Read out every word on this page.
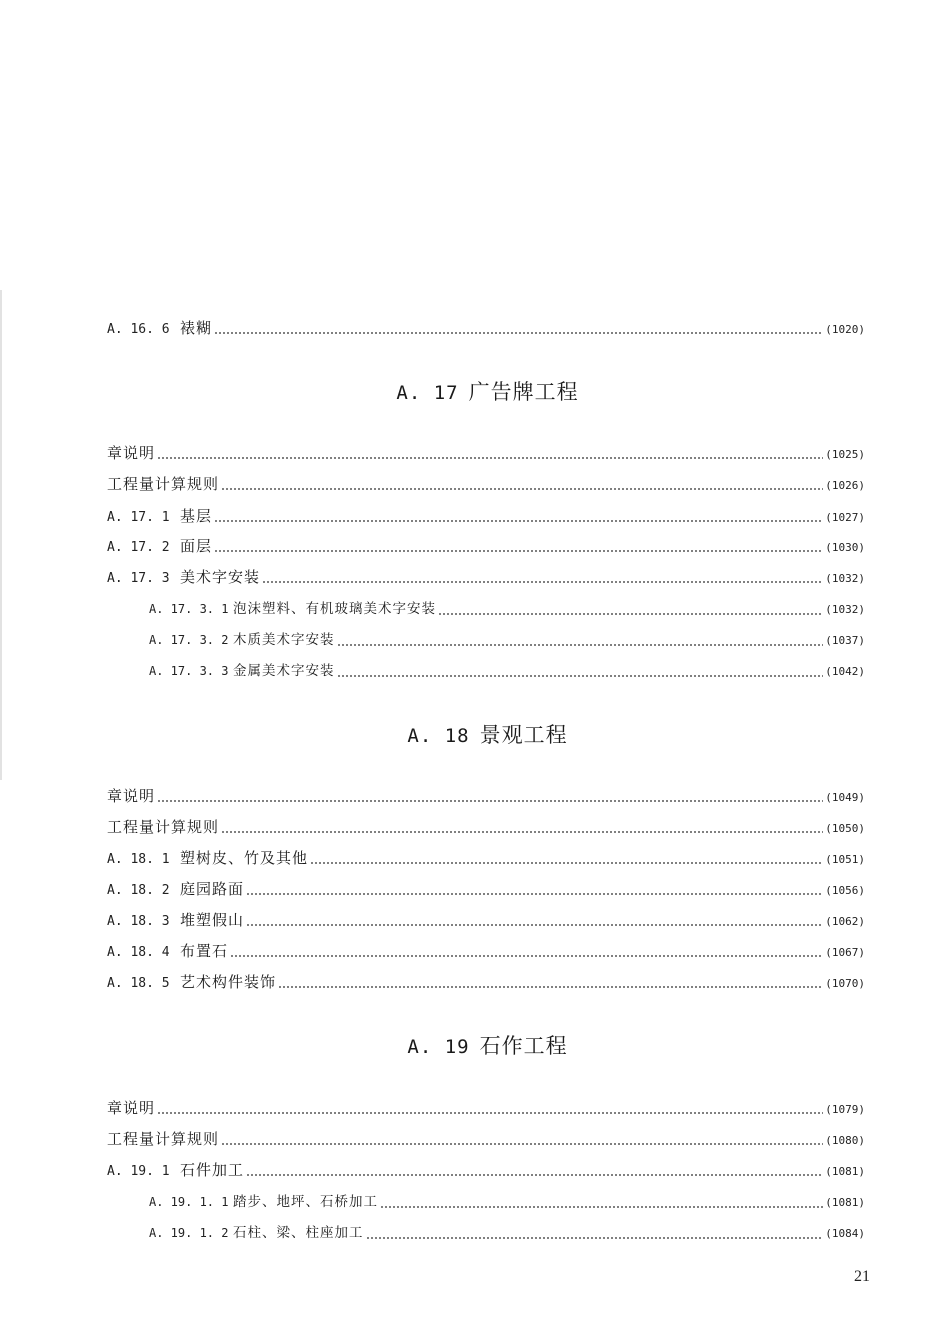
A. 16. 6 裱糊	(1020)
A. 17 广告牌工程
章说明	(1025)
工程量计算规则	(1026)
A. 17. 1 基层	(1027)
A. 17. 2 面层	(1030)
A. 17. 3 美术字安装	(1032)
A. 17. 3. 1 泡沫塑料、有机玻璃美术字安装	(1032)
A. 17. 3. 2 木质美术字安装	(1037)
A. 17. 3. 3 金属美术字安装	(1042)
A. 18 景观工程
章说明	(1049)
工程量计算规则	(1050)
A. 18. 1 塑树皮、竹及其他	(1051)
A. 18. 2 庭园路面	(1056)
A. 18. 3 堆塑假山	(1062)
A. 18. 4 布置石	(1067)
A. 18. 5 艺术构件装饰	(1070)
A. 19 石作工程
章说明	(1079)
工程量计算规则	(1080)
A. 19. 1 石件加工	(1081)
A. 19. 1. 1 踏步、地坪、石桥加工	(1081)
A. 19. 1. 2 石柱、梁、柱座加工	(1084)
21
